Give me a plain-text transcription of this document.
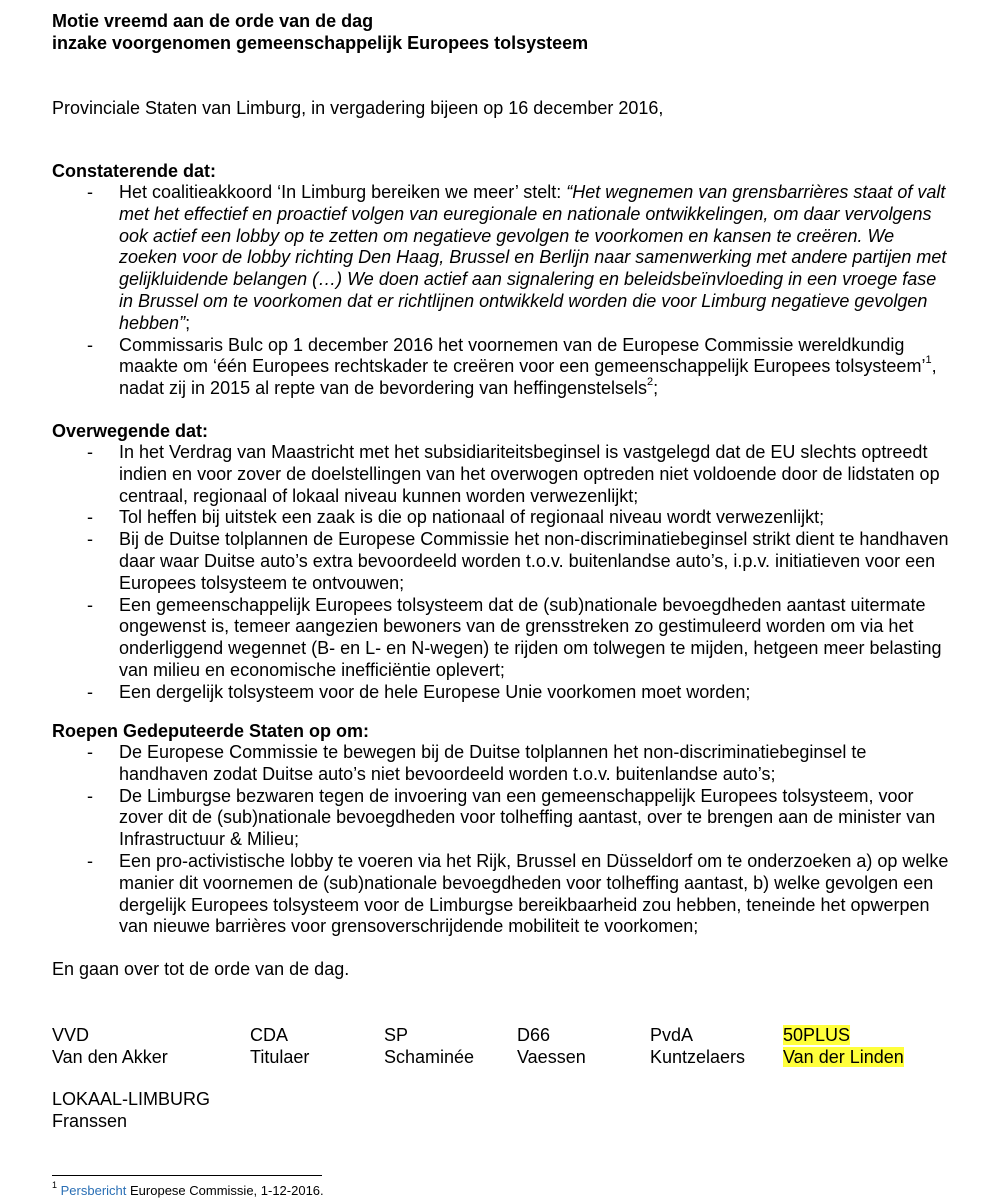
Motie vreemd aan de orde van de dag
inzake voorgenomen gemeenschappelijk Europees tolsysteem
Provinciale Staten van Limburg, in vergadering bijeen op 16 december 2016,
Constaterende dat:
- Het coalitieakkoord ‘In Limburg bereiken we meer’ stelt: “Het wegnemen van grensbarrières staat of valt met het effectief en proactief volgen van euregionale en nationale ontwikkelingen, om daar vervolgens ook actief een lobby op te zetten om negatieve gevolgen te voorkomen en kansen te creëren. We zoeken voor de lobby richting Den Haag, Brussel en Berlijn naar samenwerking met andere partijen met gelijkluidende belangen (…) We doen actief aan signalering en beleidsbeïnvloeding in een vroege fase in Brussel om te voorkomen dat er richtlijnen ontwikkeld worden die voor Limburg negatieve gevolgen hebben”;
- Commissaris Bulc op 1 december 2016 het voornemen van de Europese Commissie wereldkundig maakte om ‘één Europees rechtskader te creëren voor een gemeenschappelijk Europees tolsysteem’$^1$, nadat zij in 2015 al repte van de bevordering van heffingenstelsels$^2$;
Overwegende dat:
- In het Verdrag van Maastricht met het subsidiariteitsbeginsel is vastgelegd dat de EU slechts optreedt indien en voor zover de doelstellingen van het overwogen optreden niet voldoende door de lidstaten op centraal, regionaal of lokaal niveau kunnen worden verwezenlijkt;
- Tol heffen bij uitstek een zaak is die op nationaal of regionaal niveau wordt verwezenlijkt;
- Bij de Duitse tolplannen de Europese Commissie het non-discriminatiebeginsel strikt dient te handhaven daar waar Duitse auto’s extra bevoordeeld worden t.o.v. buitenlandse auto’s, i.p.v. initiatieven voor een Europees tolsysteem te ontvouwen;
- Een gemeenschappelijk Europees tolsysteem dat de (sub)nationale bevoegdheden aantast uitermate ongewenst is, temeer aangezien bewoners van de grensstreken zo gestimuleerd worden om via het onderliggend wegennet (B- en L- en N-wegen) te rijden om tolwegen te mijden, hetgeen meer belasting van milieu en economische inefficiëntie oplevert;
- Een dergelijk tolsysteem voor de hele Europese Unie voorkomen moet worden;
Roepen Gedeputeerde Staten op om:
- De Europese Commissie te bewegen bij de Duitse tolplannen het non-discriminatiebeginsel te handhaven zodat Duitse auto’s niet bevoordeeld worden t.o.v. buitenlandse auto’s;
- De Limburgse bezwaren tegen de invoering van een gemeenschappelijk Europees tolsysteem, voor zover dit de (sub)nationale bevoegdheden voor tolheffing aantast, over te brengen aan de minister van Infrastructuur & Milieu;
- Een pro-activistische lobby te voeren via het Rijk, Brussel en Düsseldorf om te onderzoeken a) op welke manier dit voornemen de (sub)nationale bevoegdheden voor tolheffing aantast, b) welke gevolgen een dergelijk Europees tolsysteem voor de Limburgse bereikbaarheid zou hebben, teneinde het opwerpen van nieuwe barrières voor grensoverschrijdende mobiliteit te voorkomen;
En gaan over tot de orde van de dag.
VVD
Van den Akker
CDA
Titulaer
SP
Schaminée
D66
Vaessen
PvdA
Kuntzelaers
50PLUS
Van der Linden
LOKAAL-LIMBURG
Franssen
$^1$ Persbericht Europese Commissie, 1-12-2016.
